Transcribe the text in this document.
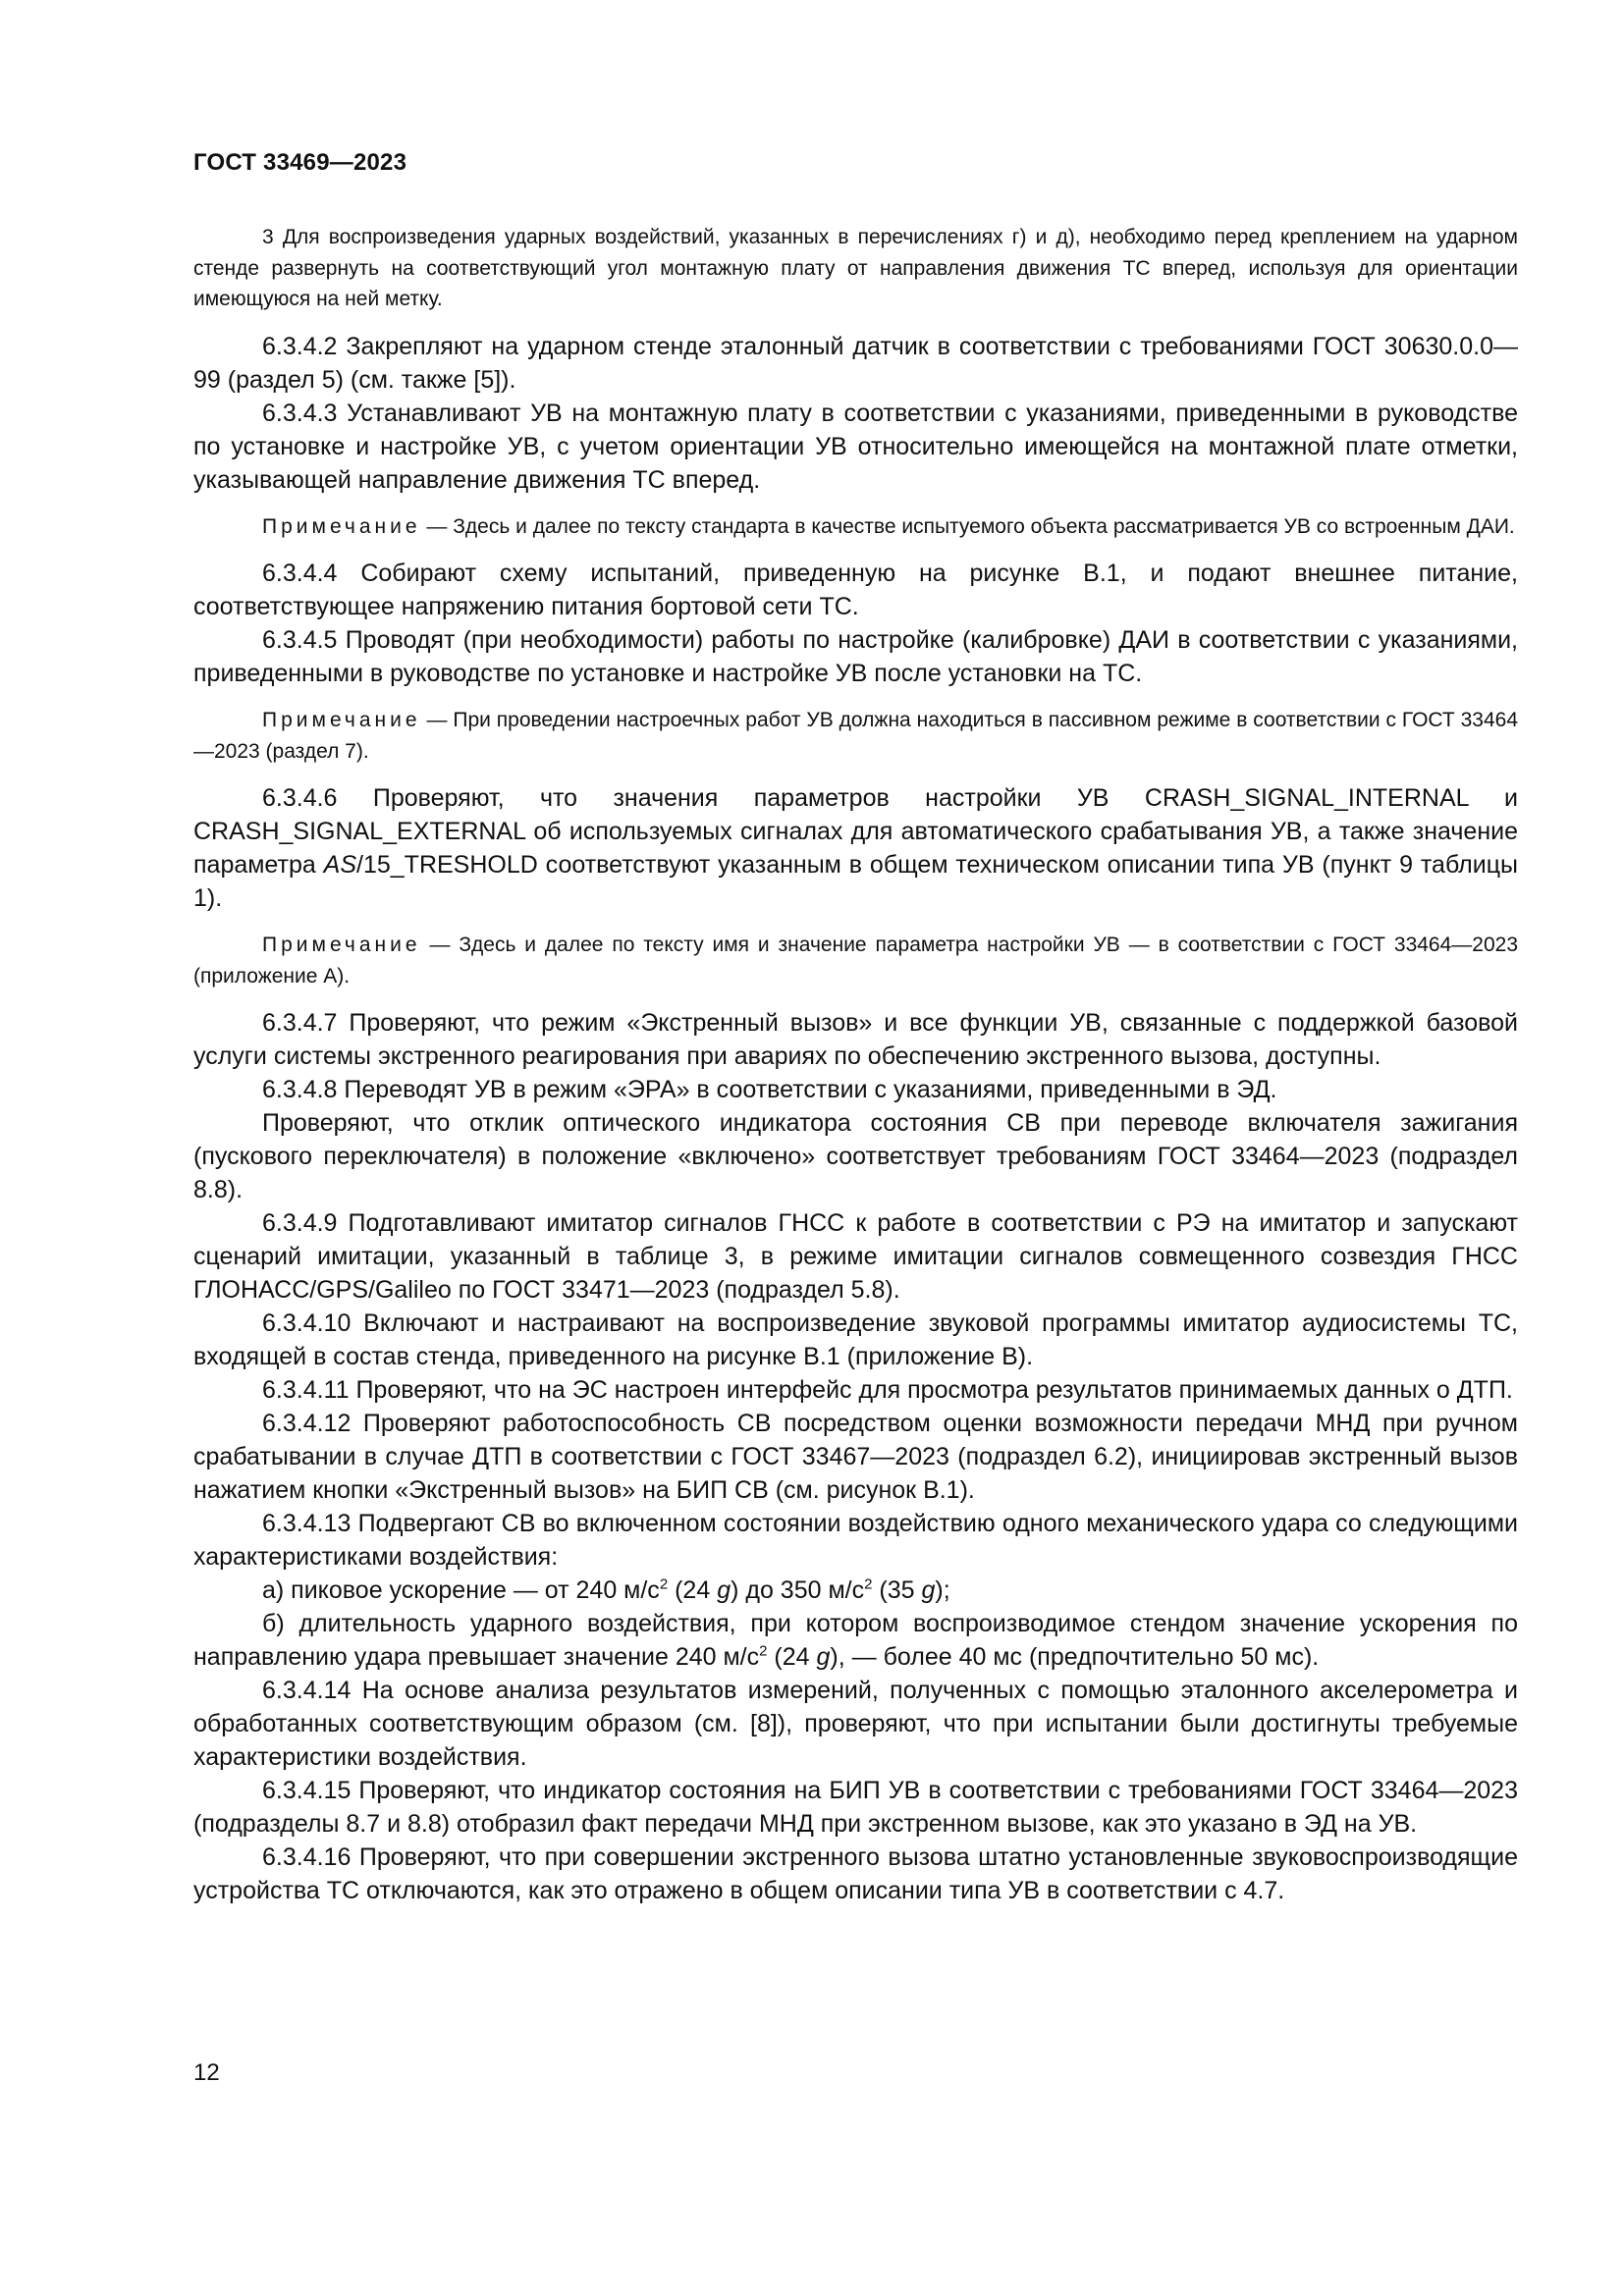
ГОСТ 33469—2023

3 Для воспроизведения ударных воздействий, указанных в перечислениях г) и д), необходимо перед креплением на ударном стенде развернуть на соответствующий угол монтажную плату от направления движения ТС вперед, используя для ориентации имеющуюся на ней метку.

6.3.4.2 Закрепляют на ударном стенде эталонный датчик в соответствии с требованиями ГОСТ 30630.0.0—99 (раздел 5) (см. также [5]).

6.3.4.3 Устанавливают УВ на монтажную плату в соответствии с указаниями, приведенными в руководстве по установке и настройке УВ, с учетом ориентации УВ относительно имеющейся на монтажной плате отметки, указывающей направление движения ТС вперед.

Примечание — Здесь и далее по тексту стандарта в качестве испытуемого объекта рассматривается УВ со встроенным ДАИ.

6.3.4.4 Собирают схему испытаний, приведенную на рисунке В.1, и подают внешнее питание, соответствующее напряжению питания бортовой сети ТС.

6.3.4.5 Проводят (при необходимости) работы по настройке (калибровке) ДАИ в соответствии с указаниями, приведенными в руководстве по установке и настройке УВ после установки на ТС.

Примечание — При проведении настроечных работ УВ должна находиться в пассивном режиме в соответствии с ГОСТ 33464—2023 (раздел 7).

6.3.4.6 Проверяют, что значения параметров настройки УВ CRASH_SIGNAL_INTERNAL и CRASH_SIGNAL_EXTERNAL об используемых сигналах для автоматического срабатывания УВ, а также значение параметра AS/15_TRESHOLD соответствуют указанным в общем техническом описании типа УВ (пункт 9 таблицы 1).

Примечание — Здесь и далее по тексту имя и значение параметра настройки УВ — в соответствии с ГОСТ 33464—2023 (приложение А).

6.3.4.7 Проверяют, что режим «Экстренный вызов» и все функции УВ, связанные с поддержкой базовой услуги системы экстренного реагирования при авариях по обеспечению экстренного вызова, доступны.

6.3.4.8 Переводят УВ в режим «ЭРА» в соответствии с указаниями, приведенными в ЭД.

Проверяют, что отклик оптического индикатора состояния СВ при переводе включателя зажигания (пускового переключателя) в положение «включено» соответствует требованиям ГОСТ 33464—2023 (подраздел 8.8).

6.3.4.9 Подготавливают имитатор сигналов ГНСС к работе в соответствии с РЭ на имитатор и запускают сценарий имитации, указанный в таблице 3, в режиме имитации сигналов совмещенного созвездия ГНСС ГЛОНАСС/GPS/Galileo по ГОСТ 33471—2023 (подраздел 5.8).

6.3.4.10 Включают и настраивают на воспроизведение звуковой программы имитатор аудиосистемы ТС, входящей в состав стенда, приведенного на рисунке В.1 (приложение В).

6.3.4.11 Проверяют, что на ЭС настроен интерфейс для просмотра результатов принимаемых данных о ДТП.

6.3.4.12 Проверяют работоспособность СВ посредством оценки возможности передачи МНД при ручном срабатывании в случае ДТП в соответствии с ГОСТ 33467—2023 (подраздел 6.2), инициировав экстренный вызов нажатием кнопки «Экстренный вызов» на БИП СВ (см. рисунок В.1).

6.3.4.13 Подвергают СВ во включенном состоянии воздействию одного механического удара со следующими характеристиками воздействия:

а) пиковое ускорение — от 240 $м/с^2$ (24 g) до 350 $м/с^2$ (35 g);

б) длительность ударного воздействия, при котором воспроизводимое стендом значение ускорения по направлению удара превышает значение 240 $м/с^2$ (24 g), — более 40 мс (предпочтительно 50 мс).

6.3.4.14 На основе анализа результатов измерений, полученных с помощью эталонного акселерометра и обработанных соответствующим образом (см. [8]), проверяют, что при испытании были достигнуты требуемые характеристики воздействия.

6.3.4.15 Проверяют, что индикатор состояния на БИП УВ в соответствии с требованиями ГОСТ 33464—2023 (подразделы 8.7 и 8.8) отобразил факт передачи МНД при экстренном вызове, как это указано в ЭД на УВ.

6.3.4.16 Проверяют, что при совершении экстренного вызова штатно установленные звуковоспроизводящие устройства ТС отключаются, как это отражено в общем описании типа УВ в соответствии с 4.7.

12
